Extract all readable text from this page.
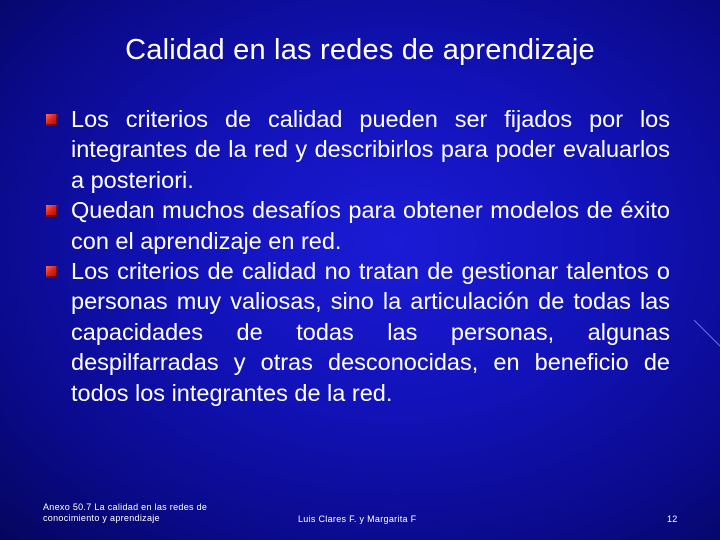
Calidad en las redes de aprendizaje
Los criterios de calidad pueden ser fijados por los integrantes de la red y describirlos para poder evaluarlos a posteriori.
Quedan muchos desafíos para obtener modelos de éxito con el aprendizaje en red.
Los criterios de calidad no tratan de gestionar talentos o personas muy valiosas, sino la articulación de todas las capacidades de todas las personas, algunas despilfarradas y otras desconocidas, en beneficio de todos los integrantes de la red.
Anexo 50.7 La calidad en las redes de
conocimiento y aprendizaje	Luis Clares F. y Margarita F	12
